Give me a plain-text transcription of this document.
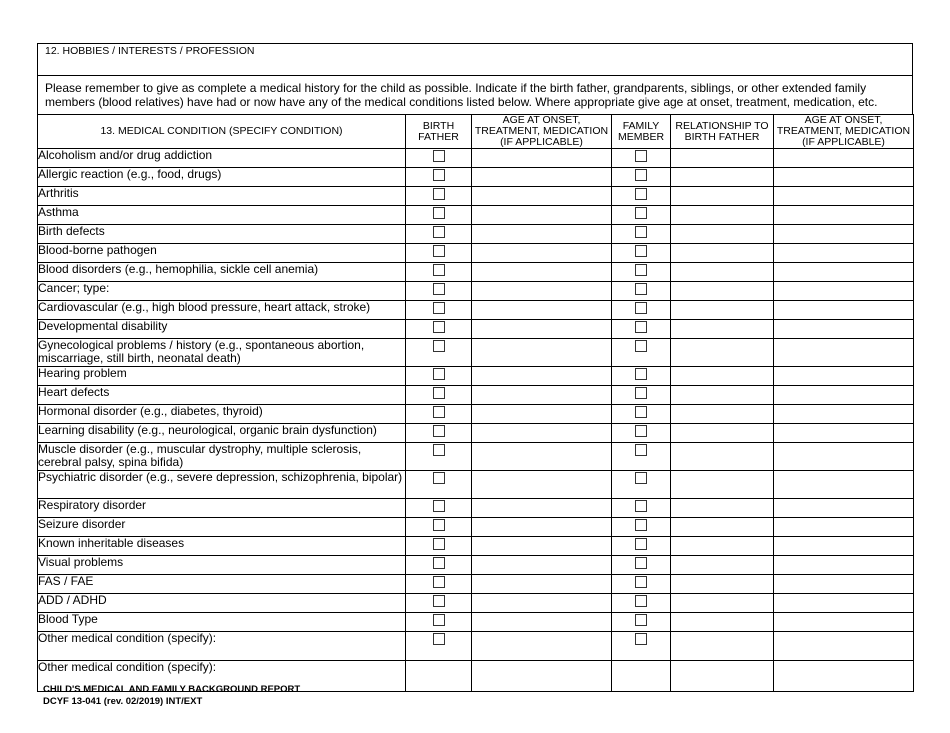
12. HOBBIES / INTERESTS / PROFESSION
Please remember to give as complete a medical history for the child as possible. Indicate if the birth father, grandparents, siblings, or other extended family
members (blood relatives) have had or now have any of the medical conditions listed below. Where appropriate give age at onset, treatment, medication, etc.
13. MEDICAL CONDITION (SPECIFY CONDITION)	BIRTH FATHER	AGE AT ONSET, TREATMENT, MEDICATION (IF APPLICABLE)	FAMILY MEMBER	RELATIONSHIP TO BIRTH FATHER	AGE AT ONSET, TREATMENT, MEDICATION (IF APPLICABLE)
Alcoholism and/or drug addiction					
Allergic reaction (e.g., food, drugs)					
Arthritis					
Asthma					
Birth defects					
Blood-borne pathogen					
Blood disorders (e.g., hemophilia, sickle cell anemia)					
Cancer; type:					
Cardiovascular (e.g., high blood pressure, heart attack, stroke)					
Developmental disability					
Gynecological problems / history (e.g., spontaneous abortion, miscarriage, still birth, neonatal death)					
Hearing problem					
Heart defects					
Hormonal disorder (e.g., diabetes, thyroid)					
Learning disability (e.g., neurological, organic brain dysfunction)					
Muscle disorder (e.g., muscular dystrophy, multiple sclerosis, cerebral palsy, spina bifida)					
Psychiatric disorder (e.g., severe depression, schizophrenia, bipolar)					
Respiratory disorder					
Seizure disorder					
Known inheritable diseases					
Visual problems					
FAS / FAE					
ADD / ADHD					
Blood Type					
Other medical condition (specify):					
Other medical condition (specify):					
CHILD'S MEDICAL AND FAMILY BACKGROUND REPORT
DCYF 13-041 (rev. 02/2019) INT/EXT
